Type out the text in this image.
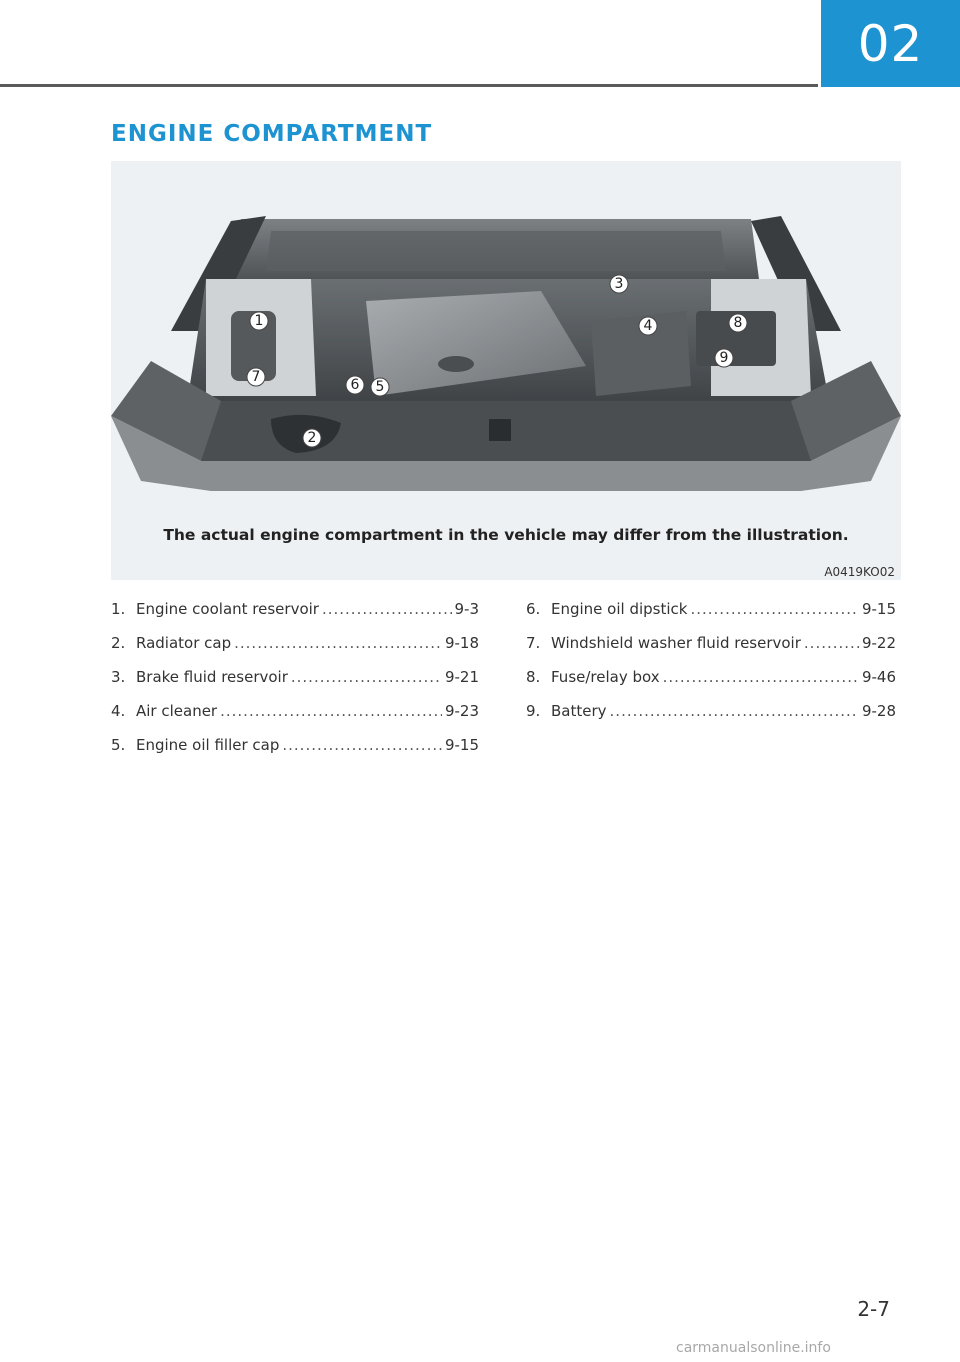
02
ENGINE COMPARTMENT
1
2
3
4
5
6
7
8
9
The actual engine compartment in the vehicle may differ from the illustration.
A0419KO02
1. Engine coolant reservoir .....	9-3
2. Radiator cap .....	9-18
3. Brake fluid reservoir .....	9-21
4. Air cleaner .....	9-23
5. Engine oil filler cap .....	9-15
6. Engine oil dipstick .....	9-15
7. Windshield washer fluid reservoir .....	9-22
8. Fuse/relay box .....	9-46
9. Battery .....	9-28
2-7
carmanualsonline.info
